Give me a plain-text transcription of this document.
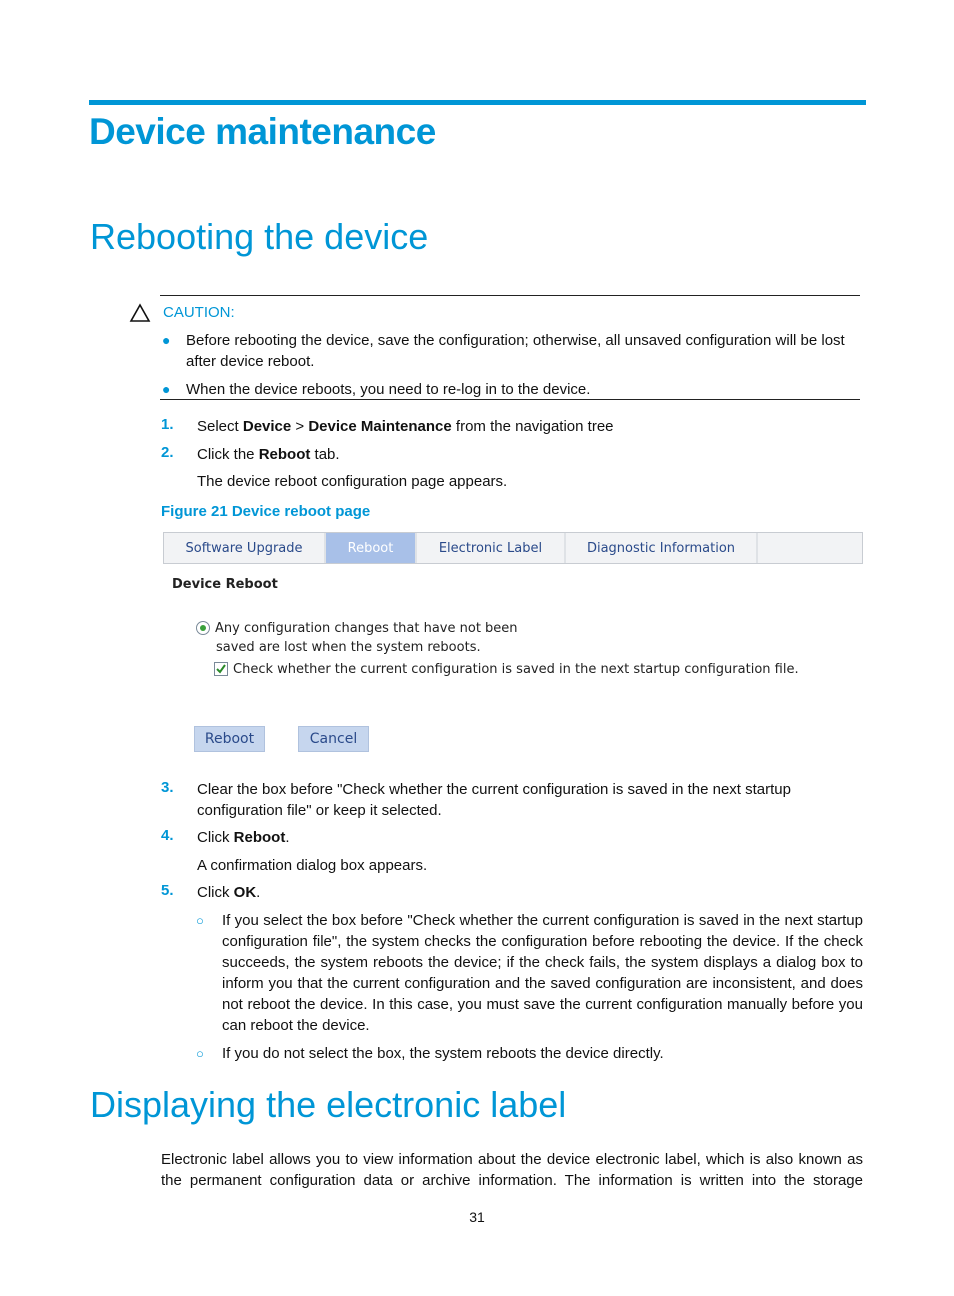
Device maintenance
Rebooting the device
CAUTION:
● Before rebooting the device, save the configuration; otherwise, all unsaved configuration will be lost after device reboot.
● When the device reboots, you need to re-log in to the device.
1. Select Device > Device Maintenance from the navigation tree
2. Click the Reboot tab.
The device reboot configuration page appears.
Figure 21 Device reboot page
Software Upgrade	Reboot	Electronic Label	Diagnostic Information
Device Reboot
Any configuration changes that have not been
saved are lost when the system reboots.
Check whether the current configuration is saved in the next startup configuration file.
Reboot	Cancel
3. Clear the box before "Check whether the current configuration is saved in the next startup configuration file" or keep it selected.
4. Click Reboot.
A confirmation dialog box appears.
5. Click OK.
○ If you select the box before "Check whether the current configuration is saved in the next startup configuration file", the system checks the configuration before rebooting the device. If the check succeeds, the system reboots the device; if the check fails, the system displays a dialog box to inform you that the current configuration and the saved configuration are inconsistent, and does not reboot the device. In this case, you must save the current configuration manually before you can reboot the device.
○ If you do not select the box, the system reboots the device directly.
Displaying the electronic label
Electronic label allows you to view information about the device electronic label, which is also known as
the permanent configuration data or archive information. The information is written into the storage
31
